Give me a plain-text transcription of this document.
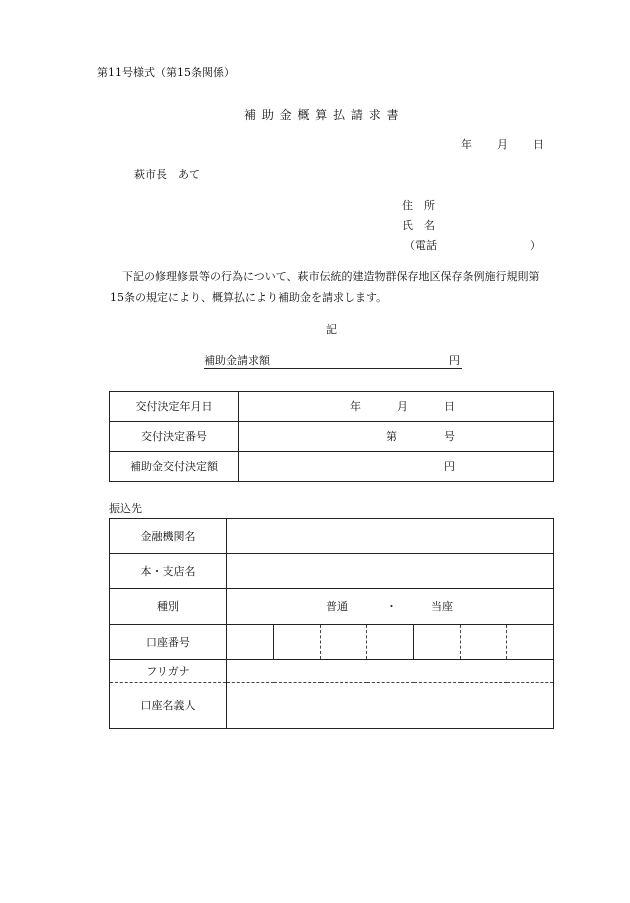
第11号様式（第15条関係）
補 助 金 概 算 払 請 求 書
年 月 日
萩市長　あて
住　所
氏　名
（電話	）
下記の修理修景等の行為について、萩市伝統的建造物群保存地区保存条例施行規則第
15条の規定により、概算払により補助金を請求します。
記
補助金請求額	円
交付決定年月日	年 月 日

交付決定番号	第 号

補助金交付決定額	円
振込先
金融機関名							
本・支店名							
種別	普通 ・ 当座						

口座番号							
フリガナ							
口座名義人							
